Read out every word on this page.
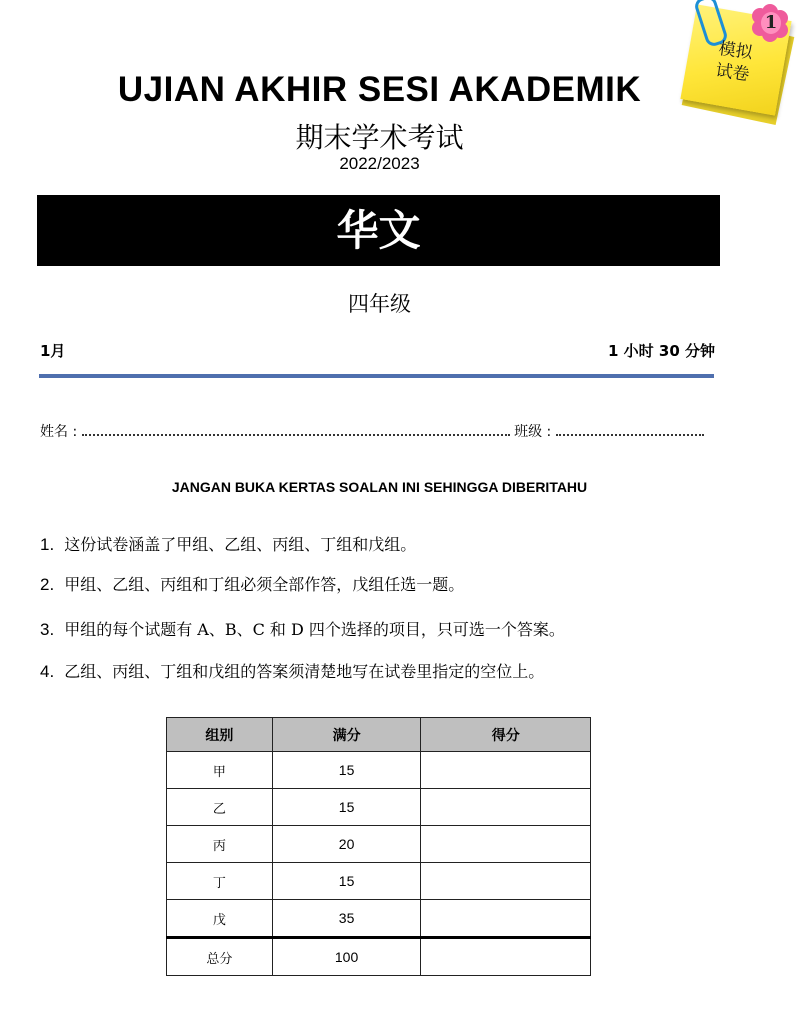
1
模拟
试卷
UJIAN AKHIR SESI AKADEMIK
期末学术考试
2022/2023
华文
四年级
1月	1 小时 30 分钟
姓名 :	班级 :
JANGAN BUKA KERTAS SOALAN INI SEHINGGA DIBERITAHU
1. 这份试卷涵盖了甲组、乙组、丙组、丁组和戊组。
2. 甲组、乙组、丙组和丁组必须全部作答，戊组任选一题。
3. 甲组的每个试题有 A、B、C 和 D 四个选择的项目，只可选一个答案。
4. 乙组、丙组、丁组和戊组的答案须清楚地写在试卷里指定的空位上。
组别	满分	得分
甲	15	
乙	15	
丙	20	
丁	15	
戊	35	
总分	100	
